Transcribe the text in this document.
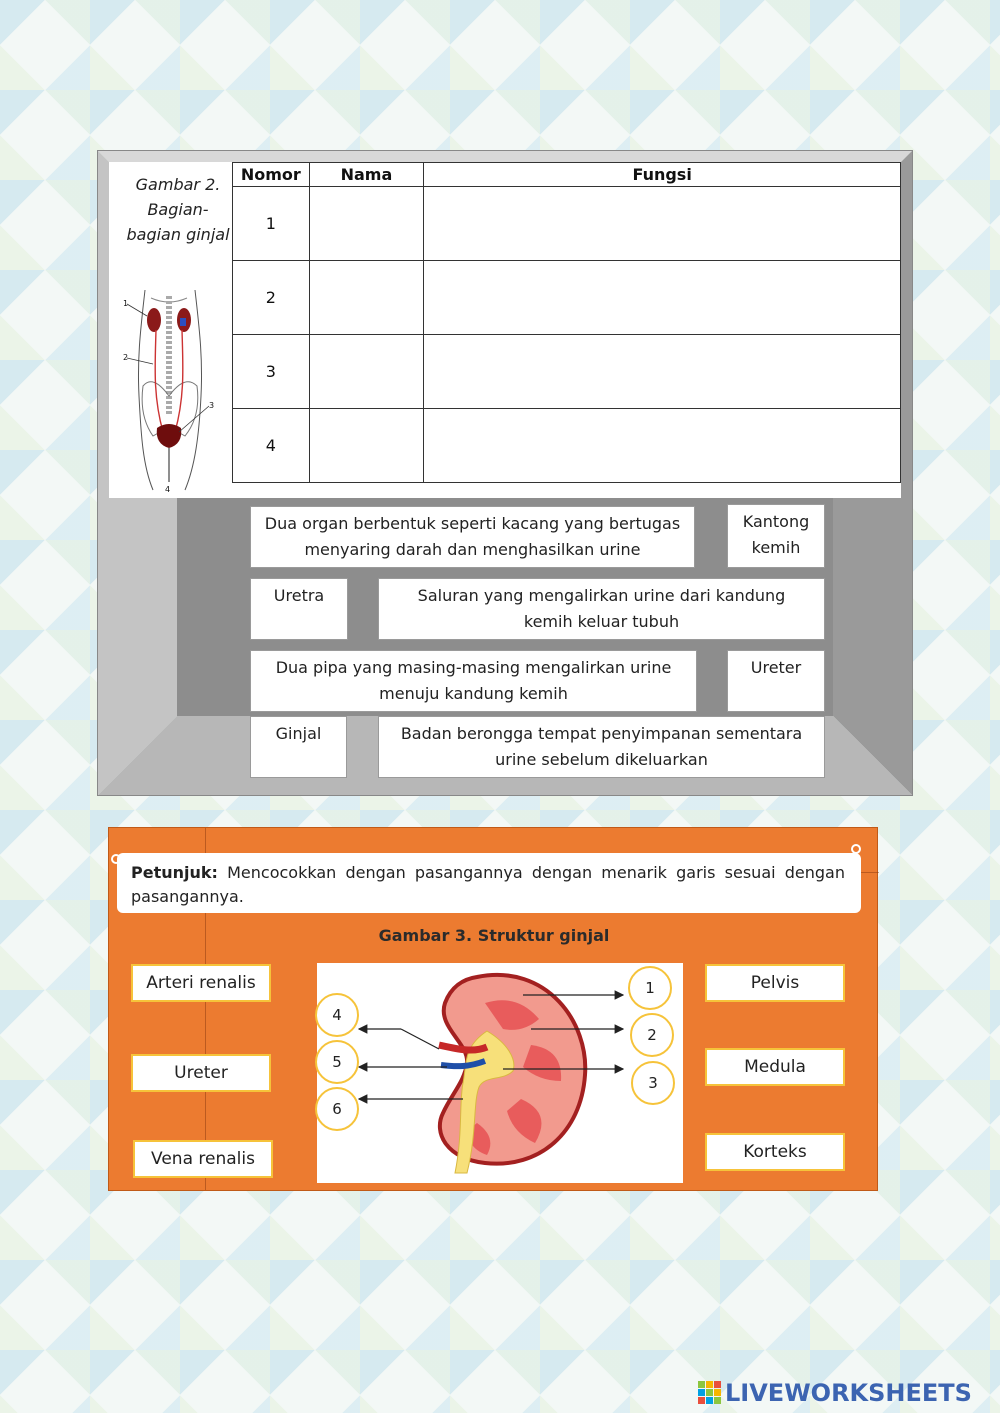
Gambar 2. Bagian-bagian ginjal
1
2
3
4
Nomor	Nama	Fungsi
1		
2		
3		
4		
Dua organ berbentuk seperti kacang yang bertugas menyaring darah dan menghasilkan urine
Kantong kemih
Uretra	Saluran yang mengalirkan urine dari kandung kemih keluar tubuh
Dua pipa yang masing-masing mengalirkan urine menuju kandung kemih
Ureter
Ginjal	Badan berongga tempat penyimpanan sementara urine sebelum dikeluarkan
Petunjuk: Mencocokkan dengan pasangannya dengan menarik garis sesuai dengan pasangannya.
Gambar 3. Struktur ginjal
Arteri renalis
Ureter
Vena renalis
Pelvis
Medula
Korteks
1
2
3
4
5
6
LIVEWORKSHEETS
